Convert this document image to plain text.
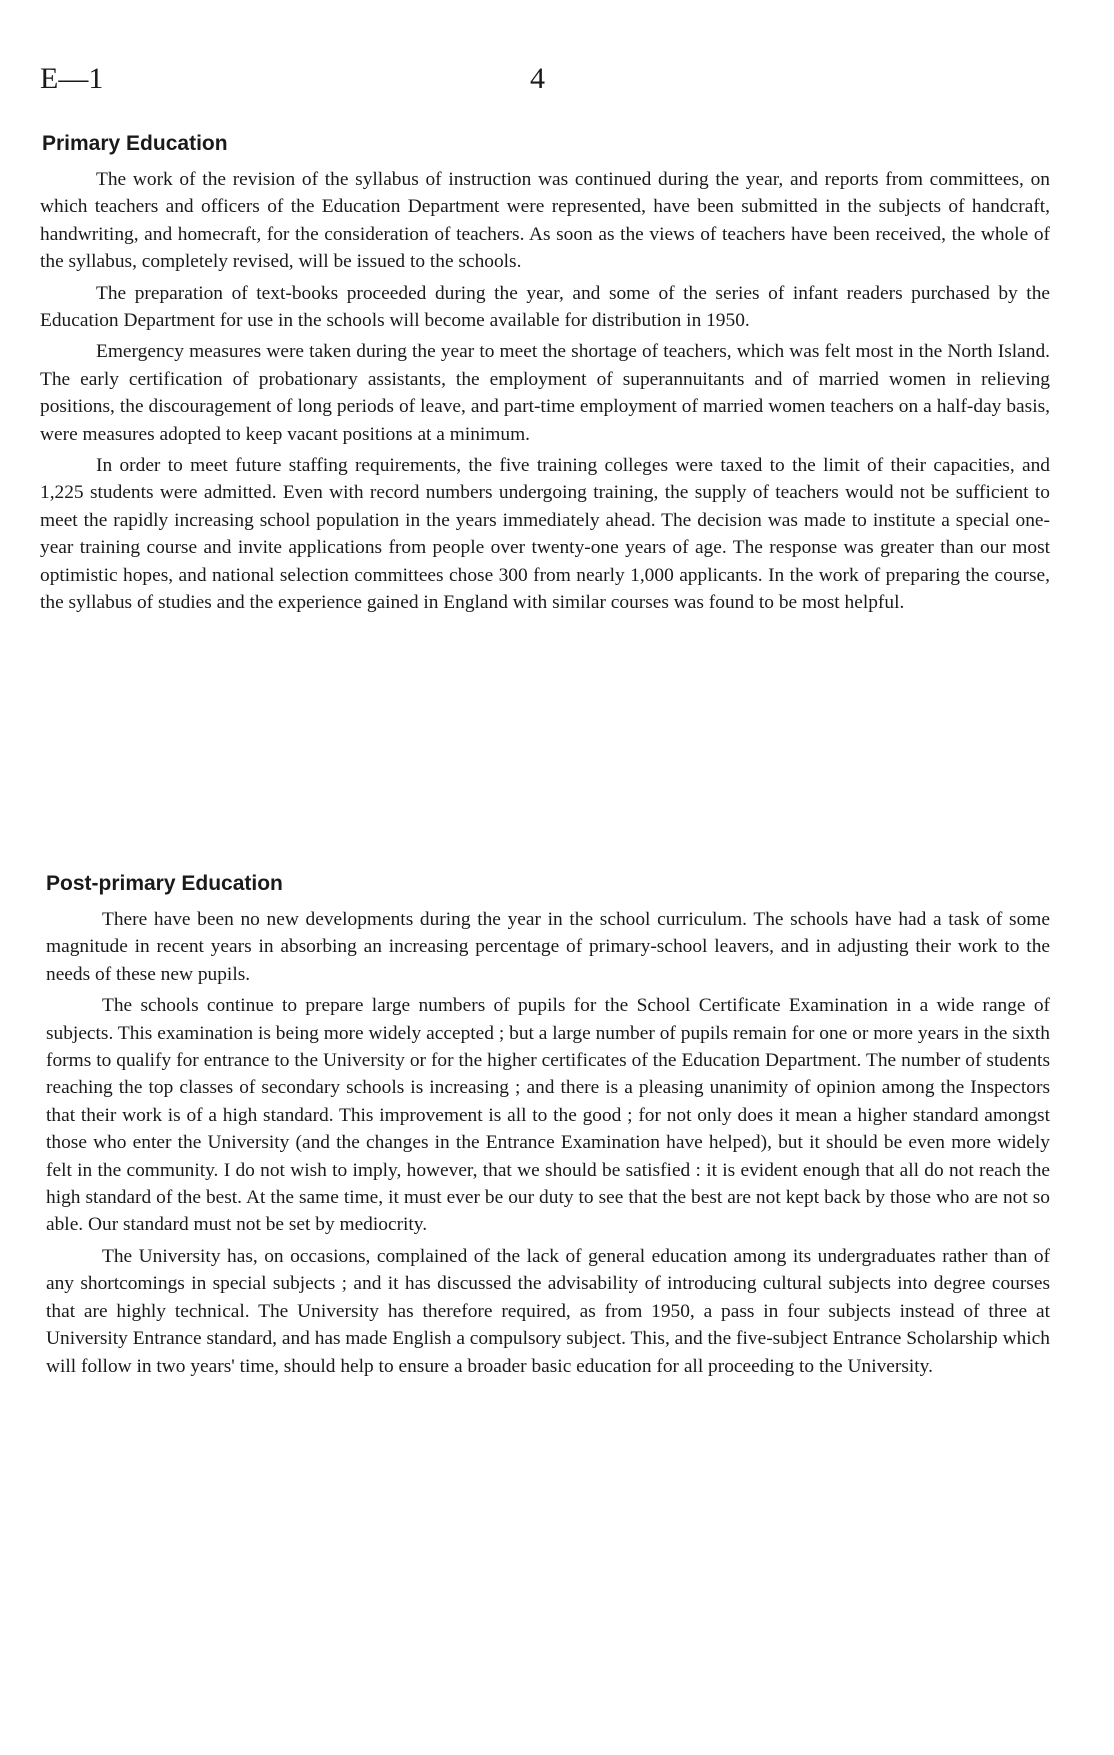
E—1	4
Primary Education

The work of the revision of the syllabus of instruction was continued during the year, and reports from committees, on which teachers and officers of the Education Department were represented, have been submitted in the subjects of handcraft, handwriting, and homecraft, for the consideration of teachers. As soon as the views of teachers have been received, the whole of the syllabus, completely revised, will be issued to the schools.

The preparation of text-books proceeded during the year, and some of the series of infant readers purchased by the Education Department for use in the schools will become available for distribution in 1950.

Emergency measures were taken during the year to meet the shortage of teachers, which was felt most in the North Island. The early certification of probationary assistants, the employment of superannuitants and of married women in relieving positions, the discouragement of long periods of leave, and part-time employment of married women teachers on a half-day basis, were measures adopted to keep vacant positions at a minimum.

In order to meet future staffing requirements, the five training colleges were taxed to the limit of their capacities, and 1,225 students were admitted. Even with record numbers undergoing training, the supply of teachers would not be sufficient to meet the rapidly increasing school population in the years immediately ahead. The decision was made to institute a special one-year training course and invite applications from people over twenty-one years of age. The response was greater than our most optimistic hopes, and national selection committees chose 300 from nearly 1,000 applicants. In the work of preparing the course, the syllabus of studies and the experience gained in England with similar courses was found to be most helpful.

Post-primary Education

There have been no new developments during the year in the school curriculum. The schools have had a task of some magnitude in recent years in absorbing an increasing percentage of primary-school leavers, and in adjusting their work to the needs of these new pupils.

The schools continue to prepare large numbers of pupils for the School Certificate Examination in a wide range of subjects. This examination is being more widely accepted ; but a large number of pupils remain for one or more years in the sixth forms to qualify for entrance to the University or for the higher certificates of the Education Department. The number of students reaching the top classes of secondary schools is increasing ; and there is a pleasing unanimity of opinion among the Inspectors that their work is of a high standard. This improvement is all to the good ; for not only does it mean a higher standard amongst those who enter the University (and the changes in the Entrance Examination have helped), but it should be even more widely felt in the community. I do not wish to imply, however, that we should be satisfied : it is evident enough that all do not reach the high standard of the best. At the same time, it must ever be our duty to see that the best are not kept back by those who are not so able. Our standard must not be set by mediocrity.

The University has, on occasions, complained of the lack of general education among its undergraduates rather than of any shortcomings in special subjects ; and it has discussed the advisability of introducing cultural subjects into degree courses that are highly technical. The University has therefore required, as from 1950, a pass in four subjects instead of three at University Entrance standard, and has made English a compulsory subject. This, and the five-subject Entrance Scholarship which will follow in two years' time, should help to ensure a broader basic education for all proceeding to the University.
